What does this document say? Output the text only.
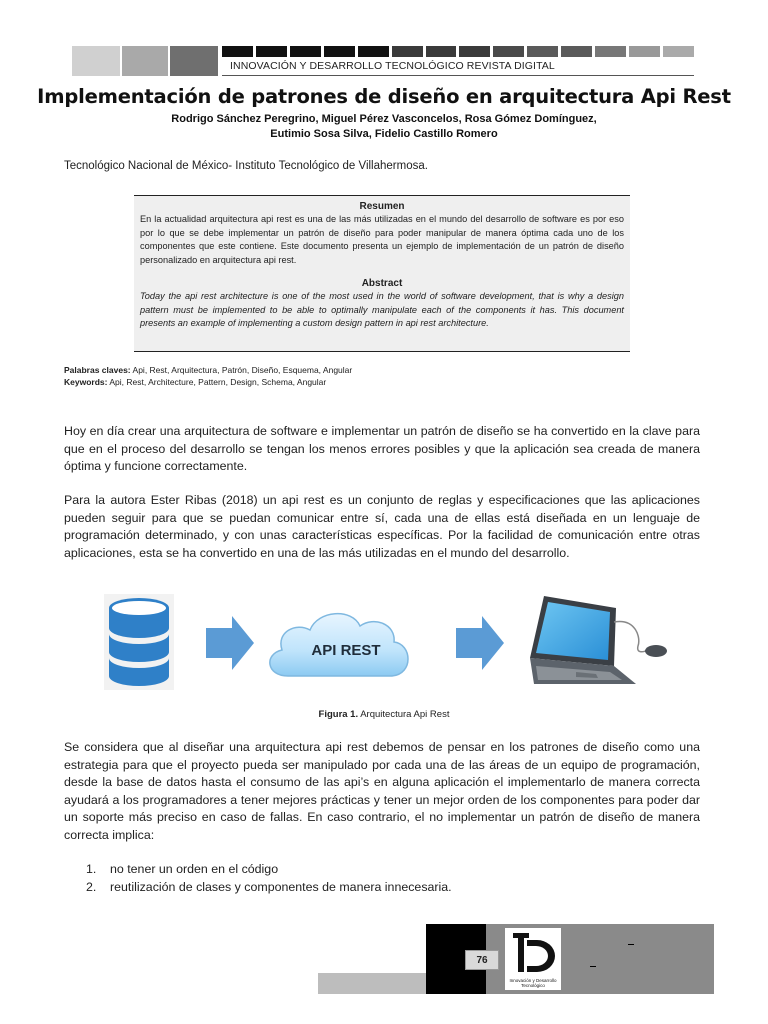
INNOVACIÓN Y DESARROLLO TECNOLÓGICO REVISTA DIGITAL
Implementación de patrones de diseño en arquitectura Api Rest
Rodrigo Sánchez Peregrino, Miguel Pérez Vasconcelos, Rosa Gómez Domínguez,
Eutimio Sosa Silva, Fidelio Castillo Romero
Tecnológico Nacional de México- Instituto Tecnológico de Villahermosa.
Resumen

En la actualidad arquitectura api rest es una de las más utilizadas en el mundo del desarrollo de software es por eso por lo que se debe implementar un patrón de diseño para poder manipular de manera óptima cada uno de los componentes que este contiene. Este documento presenta un ejemplo de implementación de un patrón de diseño personalizado en arquitectura api rest.

Abstract

Today the api rest architecture is one of the most used in the world of software development, that is why a design pattern must be implemented to be able to optimally manipulate each of the components it has. This document presents an example of implementing a custom design pattern in api rest architecture.

Palabras claves: Api, Rest, Arquitectura, Patrón, Diseño, Esquema, Angular
Keywords: Api, Rest, Architecture, Pattern, Design, Schema, Angular
Hoy en día crear una arquitectura de software e implementar un patrón de diseño se ha convertido en la clave para que en el proceso del desarrollo se tengan los menos errores posibles y que la aplicación sea creada de manera óptima y funcione correctamente.
Para la autora Ester Ribas (2018) un api rest es un conjunto de reglas y especificaciones que las aplicaciones pueden seguir para que se puedan comunicar entre sí, cada una de ellas está diseñada en un lenguaje de programación determinado, y con unas características específicas. Por la facilidad de comunicación entre otras aplicaciones, esta se ha convertido en una de las más utilizadas en el mundo del desarrollo.
API REST
Figura 1. Arquitectura Api Rest
Se considera que al diseñar una arquitectura api rest debemos de pensar en los patrones de diseño como una estrategia para que el proyecto pueda ser manipulado por cada una de las áreas de un equipo de programación, desde la base de datos hasta el consumo de las api’s en alguna aplicación el implementarlo de manera correcta ayudará a los programadores a tener mejores prácticas y tener un mejor orden de los componentes para poder dar un soporte más preciso en caso de fallas. En caso contrario, el no implementar un patrón de diseño de manera correcta implica:
1.	no tener un orden en el código
2.	reutilización de clases y componentes de manera innecesaria.
76
Innovación y Desarrollo Tecnológico
